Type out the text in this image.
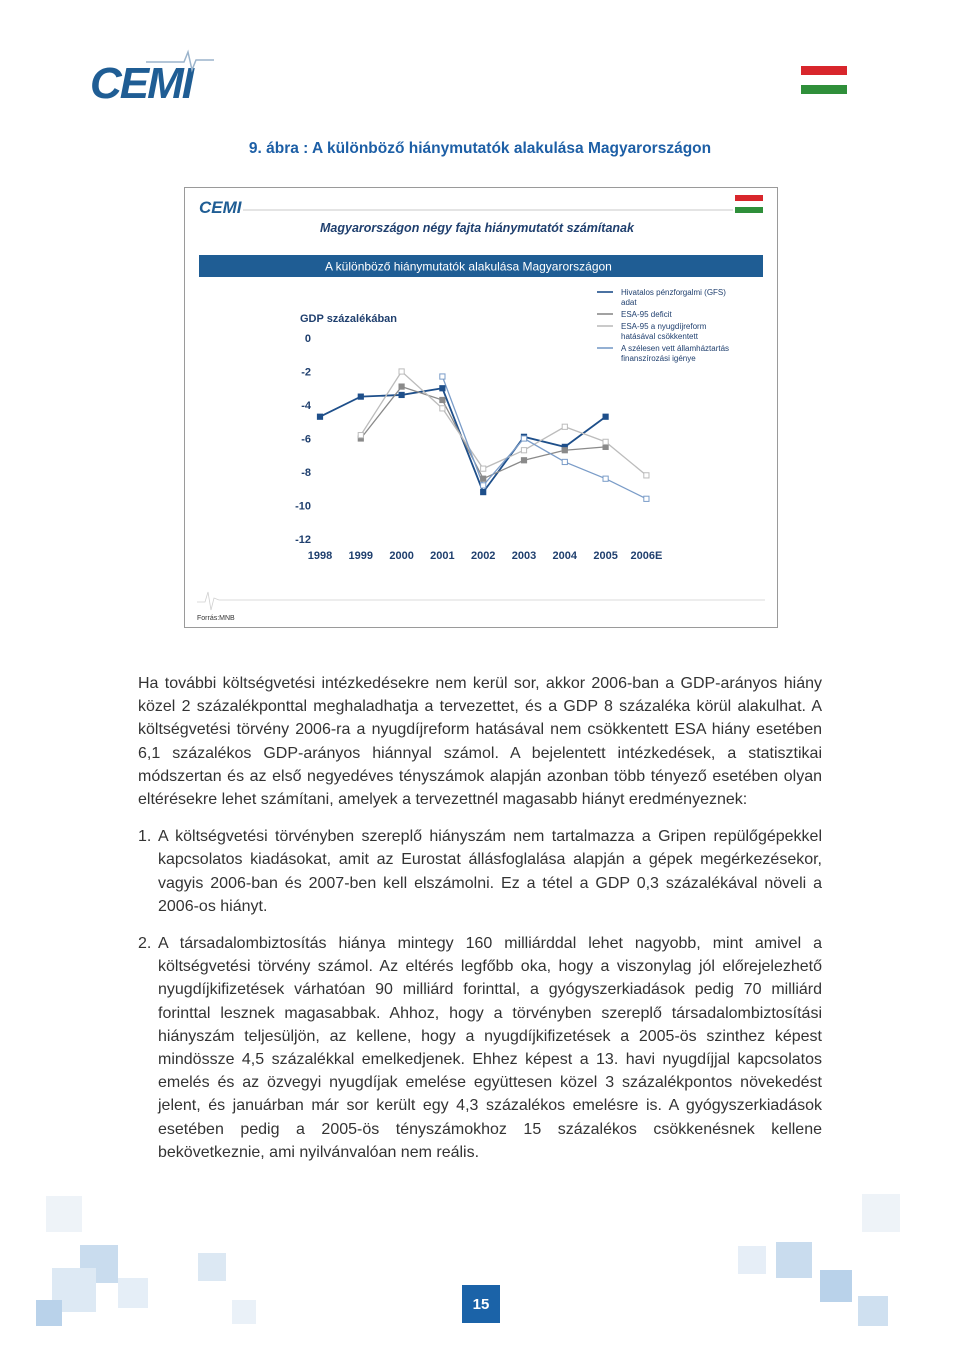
CEMI
9. ábra : A különböző hiánymutatók alakulása Magyarországon
CEMI
Magyarországon négy fajta hiánymutatót számítanak
A különböző hiánymutatók alakulása Magyarországon
GDP százalékában
0
-2
-4
-6
-8
-10
-12
1998 1999 2000 2001 2002 2003 2004 2005 2006E
Hivatalos pénzforgalmi (GFS) adat
ESA-95 deficit
ESA-95 a nyugdíjreform hatásával csökkentett
A szélesen vett államháztartás finanszírozási igénye
Forrás:MNB

Ha további költségvetési intézkedésekre nem kerül sor, akkor 2006-ban a GDP-arányos hiány közel 2 százalékponttal meghaladhatja a tervezettet, és a GDP 8 százaléka körül alakulhat. A költségvetési törvény 2006-ra a nyugdíjreform hatásával nem csökkentett ESA hiány esetében 6,1 százalékos GDP-arányos hiánnyal számol. A bejelentett intézkedések, a statisztikai módszertan és az első negyedéves tényszámok alapján azonban több tényező esetében olyan eltérésekre lehet számítani, amelyek a tervezettnél magasabb hiányt eredményeznek:

1. A költségvetési törvényben szereplő hiányszám nem tartalmazza a Gripen repülőgépekkel kapcsolatos kiadásokat, amit az Eurostat állásfoglalása alapján a gépek megérkezésekor, vagyis 2006-ban és 2007-ben kell elszámolni. Ez a tétel a GDP 0,3 százalékával növeli a 2006-os hiányt.

2. A társadalombiztosítás hiánya mintegy 160 milliárddal lehet nagyobb, mint amivel a költségvetési törvény számol. Az eltérés legfőbb oka, hogy a viszonylag jól előrejelezhető nyugdíjkifizetések várhatóan 90 milliárd forinttal, a gyógyszerkiadások pedig 70 milliárd forinttal lesznek magasabbak. Ahhoz, hogy a törvényben szereplő társadalombiztosítási hiányszám teljesüljön, az kellene, hogy a nyugdíjkifizetések a 2005-ös szinthez képest mindössze 4,5 százalékkal emelkedjenek. Ehhez képest a 13. havi nyugdíjjal kapcsolatos emelés és az özvegyi nyugdíjak emelése együttesen közel 3 százalékpontos növekedést jelent, és januárban már sor került egy 4,3 százalékos emelésre is. A gyógyszerkiadások esetében pedig a 2005-ös tényszámokhoz 15 százalékos csökkenésnek kellene bekövetkeznie, ami nyilvánvalóan nem reális.

15
